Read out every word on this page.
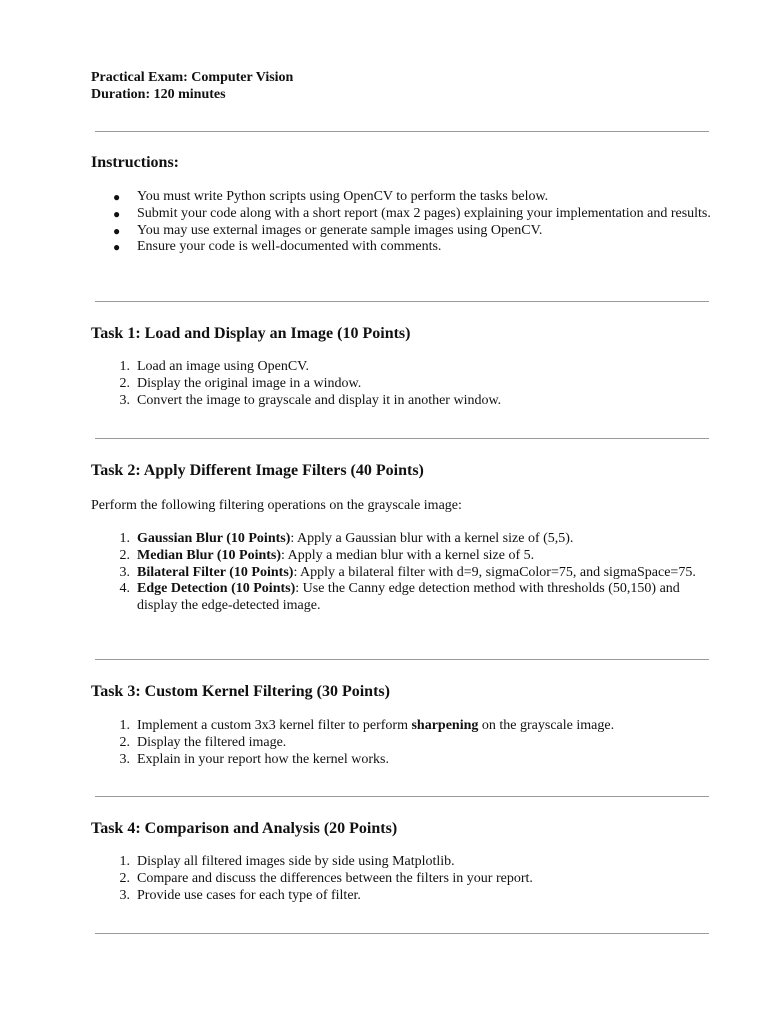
Practical Exam: Computer Vision
Duration: 120 minutes
Instructions:
● You must write Python scripts using OpenCV to perform the tasks below.
● Submit your code along with a short report (max 2 pages) explaining your implementation and results.
● You may use external images or generate sample images using OpenCV.
● Ensure your code is well-documented with comments.
Task 1: Load and Display an Image (10 Points)
1. Load an image using OpenCV.
2. Display the original image in a window.
3. Convert the image to grayscale and display it in another window.
Task 2: Apply Different Image Filters (40 Points)

Perform the following filtering operations on the grayscale image:

1. Gaussian Blur (10 Points): Apply a Gaussian blur with a kernel size of (5,5).
2. Median Blur (10 Points): Apply a median blur with a kernel size of 5.
3. Bilateral Filter (10 Points): Apply a bilateral filter with d=9, sigmaColor=75, and sigmaSpace=75.
4. Edge Detection (10 Points): Use the Canny edge detection method with thresholds (50,150) and display the edge-detected image.
Task 3: Custom Kernel Filtering (30 Points)
1. Implement a custom 3x3 kernel filter to perform sharpening on the grayscale image.
2. Display the filtered image.
3. Explain in your report how the kernel works.
Task 4: Comparison and Analysis (20 Points)
1. Display all filtered images side by side using Matplotlib.
2. Compare and discuss the differences between the filters in your report.
3. Provide use cases for each type of filter.
